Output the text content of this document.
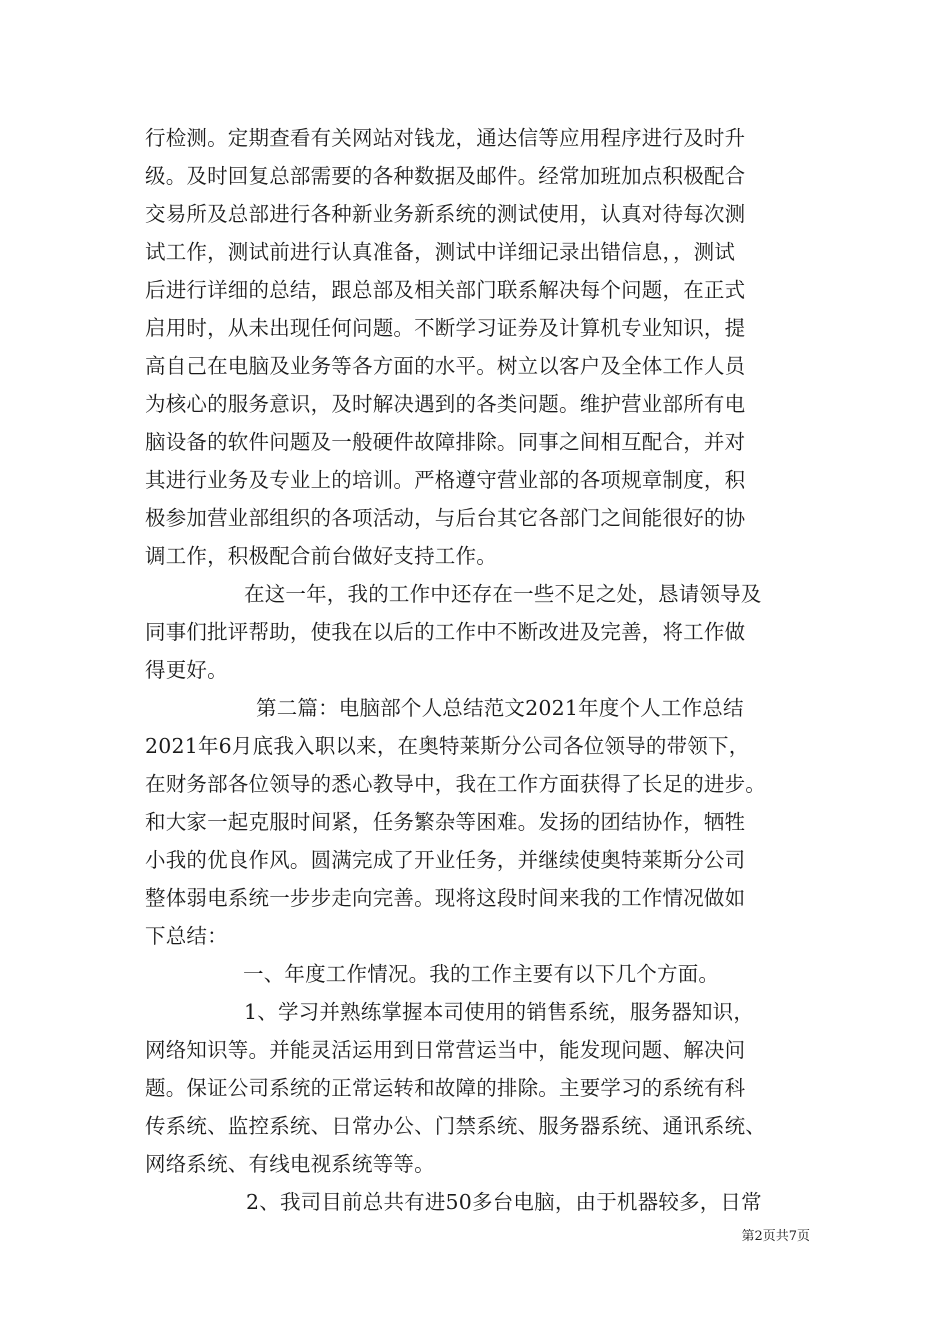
行检测。定期查看有关网站对钱龙，通达信等应用程序进行及时升
级。及时回复总部需要的各种数据及邮件。经常加班加点积极配合
交易所及总部进行各种新业务新系统的测试使用，认真对待每次测
试工作，测试前进行认真准备，测试中详细记录出错信息，，测试
后进行详细的总结，跟总部及相关部门联系解决每个问题，在正式
启用时，从未出现任何问题。不断学习证券及计算机专业知识，提
高自己在电脑及业务等各方面的水平。树立以客户及全体工作人员
为核心的服务意识，及时解决遇到的各类问题。维护营业部所有电
脑设备的软件问题及一般硬件故障排除。同事之间相互配合，并对
其进行业务及专业上的培训。严格遵守营业部的各项规章制度，积
极参加营业部组织的各项活动，与后台其它各部门之间能很好的协
调工作，积极配合前台做好支持工作。
在这一年，我的工作中还存在一些不足之处，恳请领导及
同事们批评帮助，使我在以后的工作中不断改进及完善，将工作做
得更好。
第二篇：电脑部个人总结范文2021年度个人工作总结
2021年6月底我入职以来，在奥特莱斯分公司各位领导的带领下，
在财务部各位领导的悉心教导中，我在工作方面获得了长足的进步。
和大家一起克服时间紧，任务繁杂等困难。发扬的团结协作，牺牲
小我的优良作风。圆满完成了开业任务，并继续使奥特莱斯分公司
整体弱电系统一步步走向完善。现将这段时间来我的工作情况做如
下总结：
一、年度工作情况。我的工作主要有以下几个方面。
1、学习并熟练掌握本司使用的销售系统，服务器知识，
网络知识等。并能灵活运用到日常营运当中，能发现问题、解决问
题。保证公司系统的正常运转和故障的排除。主要学习的系统有科
传系统、监控系统、日常办公、门禁系统、服务器系统、通讯系统、
网络系统、有线电视系统等等。
2、我司目前总共有进50多台电脑，由于机器较多，日常
第2页共7页
